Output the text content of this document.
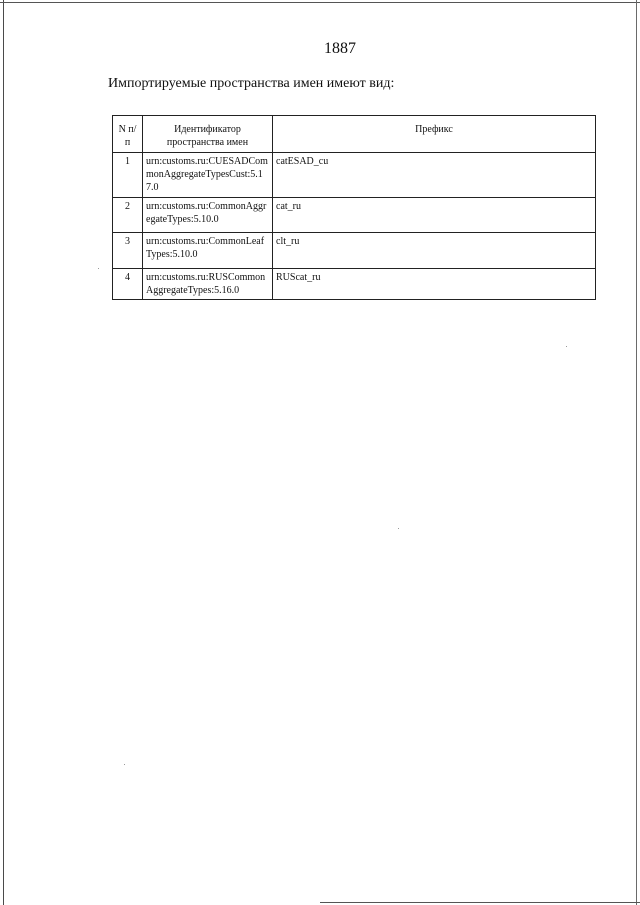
1887
Импортируемые пространства имен имеют вид:
N п/п	Идентификатор пространства имен	Префикс
1	urn:customs.ru:CUESADCommonAggregateTypesCust:5.17.0	catESAD_cu
2	urn:customs.ru:CommonAggregateTypes:5.10.0	cat_ru
3	urn:customs.ru:CommonLeafTypes:5.10.0	clt_ru
4	urn:customs.ru:RUSCommonAggregateTypes:5.16.0	RUScat_ru
